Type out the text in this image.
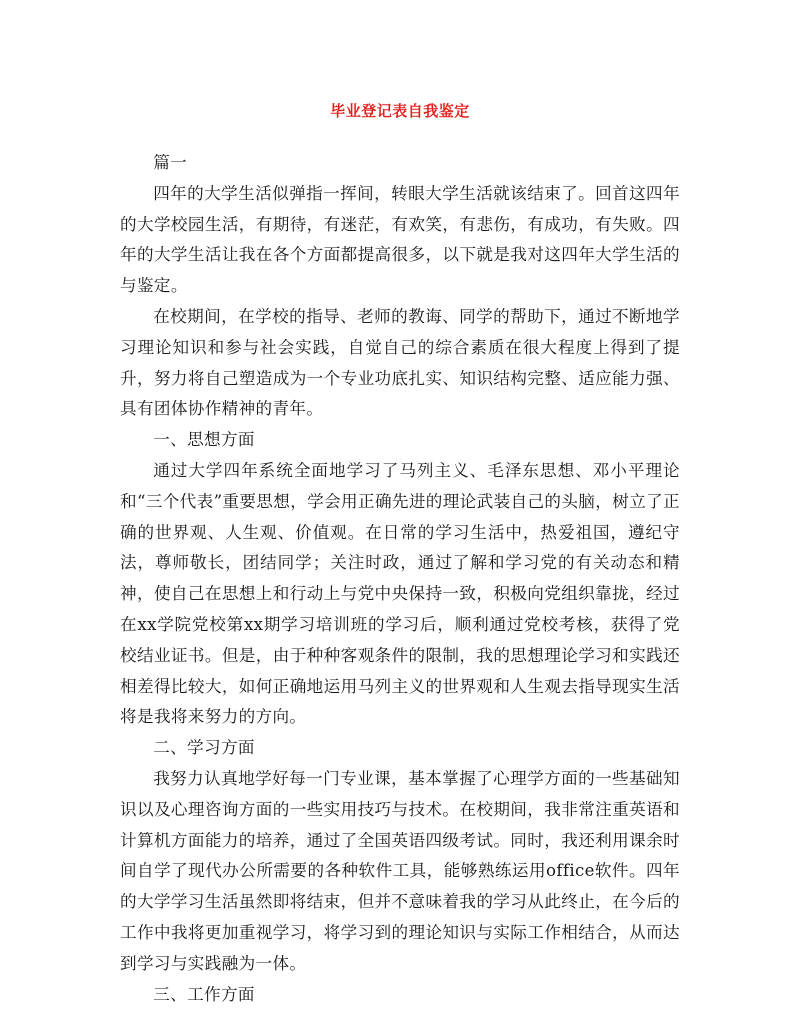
毕业登记表自我鉴定

篇一

四年的大学生活似弹指一挥间，转眼大学生活就该结束了。回首这四年的大学校园生活，有期待，有迷茫，有欢笑，有悲伤，有成功，有失败。四年的大学生活让我在各个方面都提高很多，以下就是我对这四年大学生活的与鉴定。

在校期间，在学校的指导、老师的教诲、同学的帮助下，通过不断地学习理论知识和参与社会实践，自觉自己的综合素质在很大程度上得到了提升，努力将自己塑造成为一个专业功底扎实、知识结构完整、适应能力强、具有团体协作精神的青年。

一、思想方面

通过大学四年系统全面地学习了马列主义、毛泽东思想、邓小平理论和“三个代表”重要思想，学会用正确先进的理论武装自己的头脑，树立了正确的世界观、人生观、价值观。在日常的学习生活中，热爱祖国，遵纪守法，尊师敬长，团结同学；关注时政，通过了解和学习党的有关动态和精神，使自己在思想上和行动上与党中央保持一致，积极向党组织靠拢，经过在xx学院党校第xx期学习培训班的学习后，顺利通过党校考核，获得了党校结业证书。但是，由于种种客观条件的限制，我的思想理论学习和实践还相差得比较大，如何正确地运用马列主义的世界观和人生观去指导现实生活将是我将来努力的方向。

二、学习方面

我努力认真地学好每一门专业课，基本掌握了心理学方面的一些基础知识以及心理咨询方面的一些实用技巧与技术。在校期间，我非常注重英语和计算机方面能力的培养，通过了全国英语四级考试。同时，我还利用课余时间自学了现代办公所需要的各种软件工具，能够熟练运用office软件。四年的大学学习生活虽然即将结束，但并不意味着我的学习从此终止，在今后的工作中我将更加重视学习，将学习到的理论知识与实际工作相结合，从而达到学习与实践融为一体。

三、工作方面
